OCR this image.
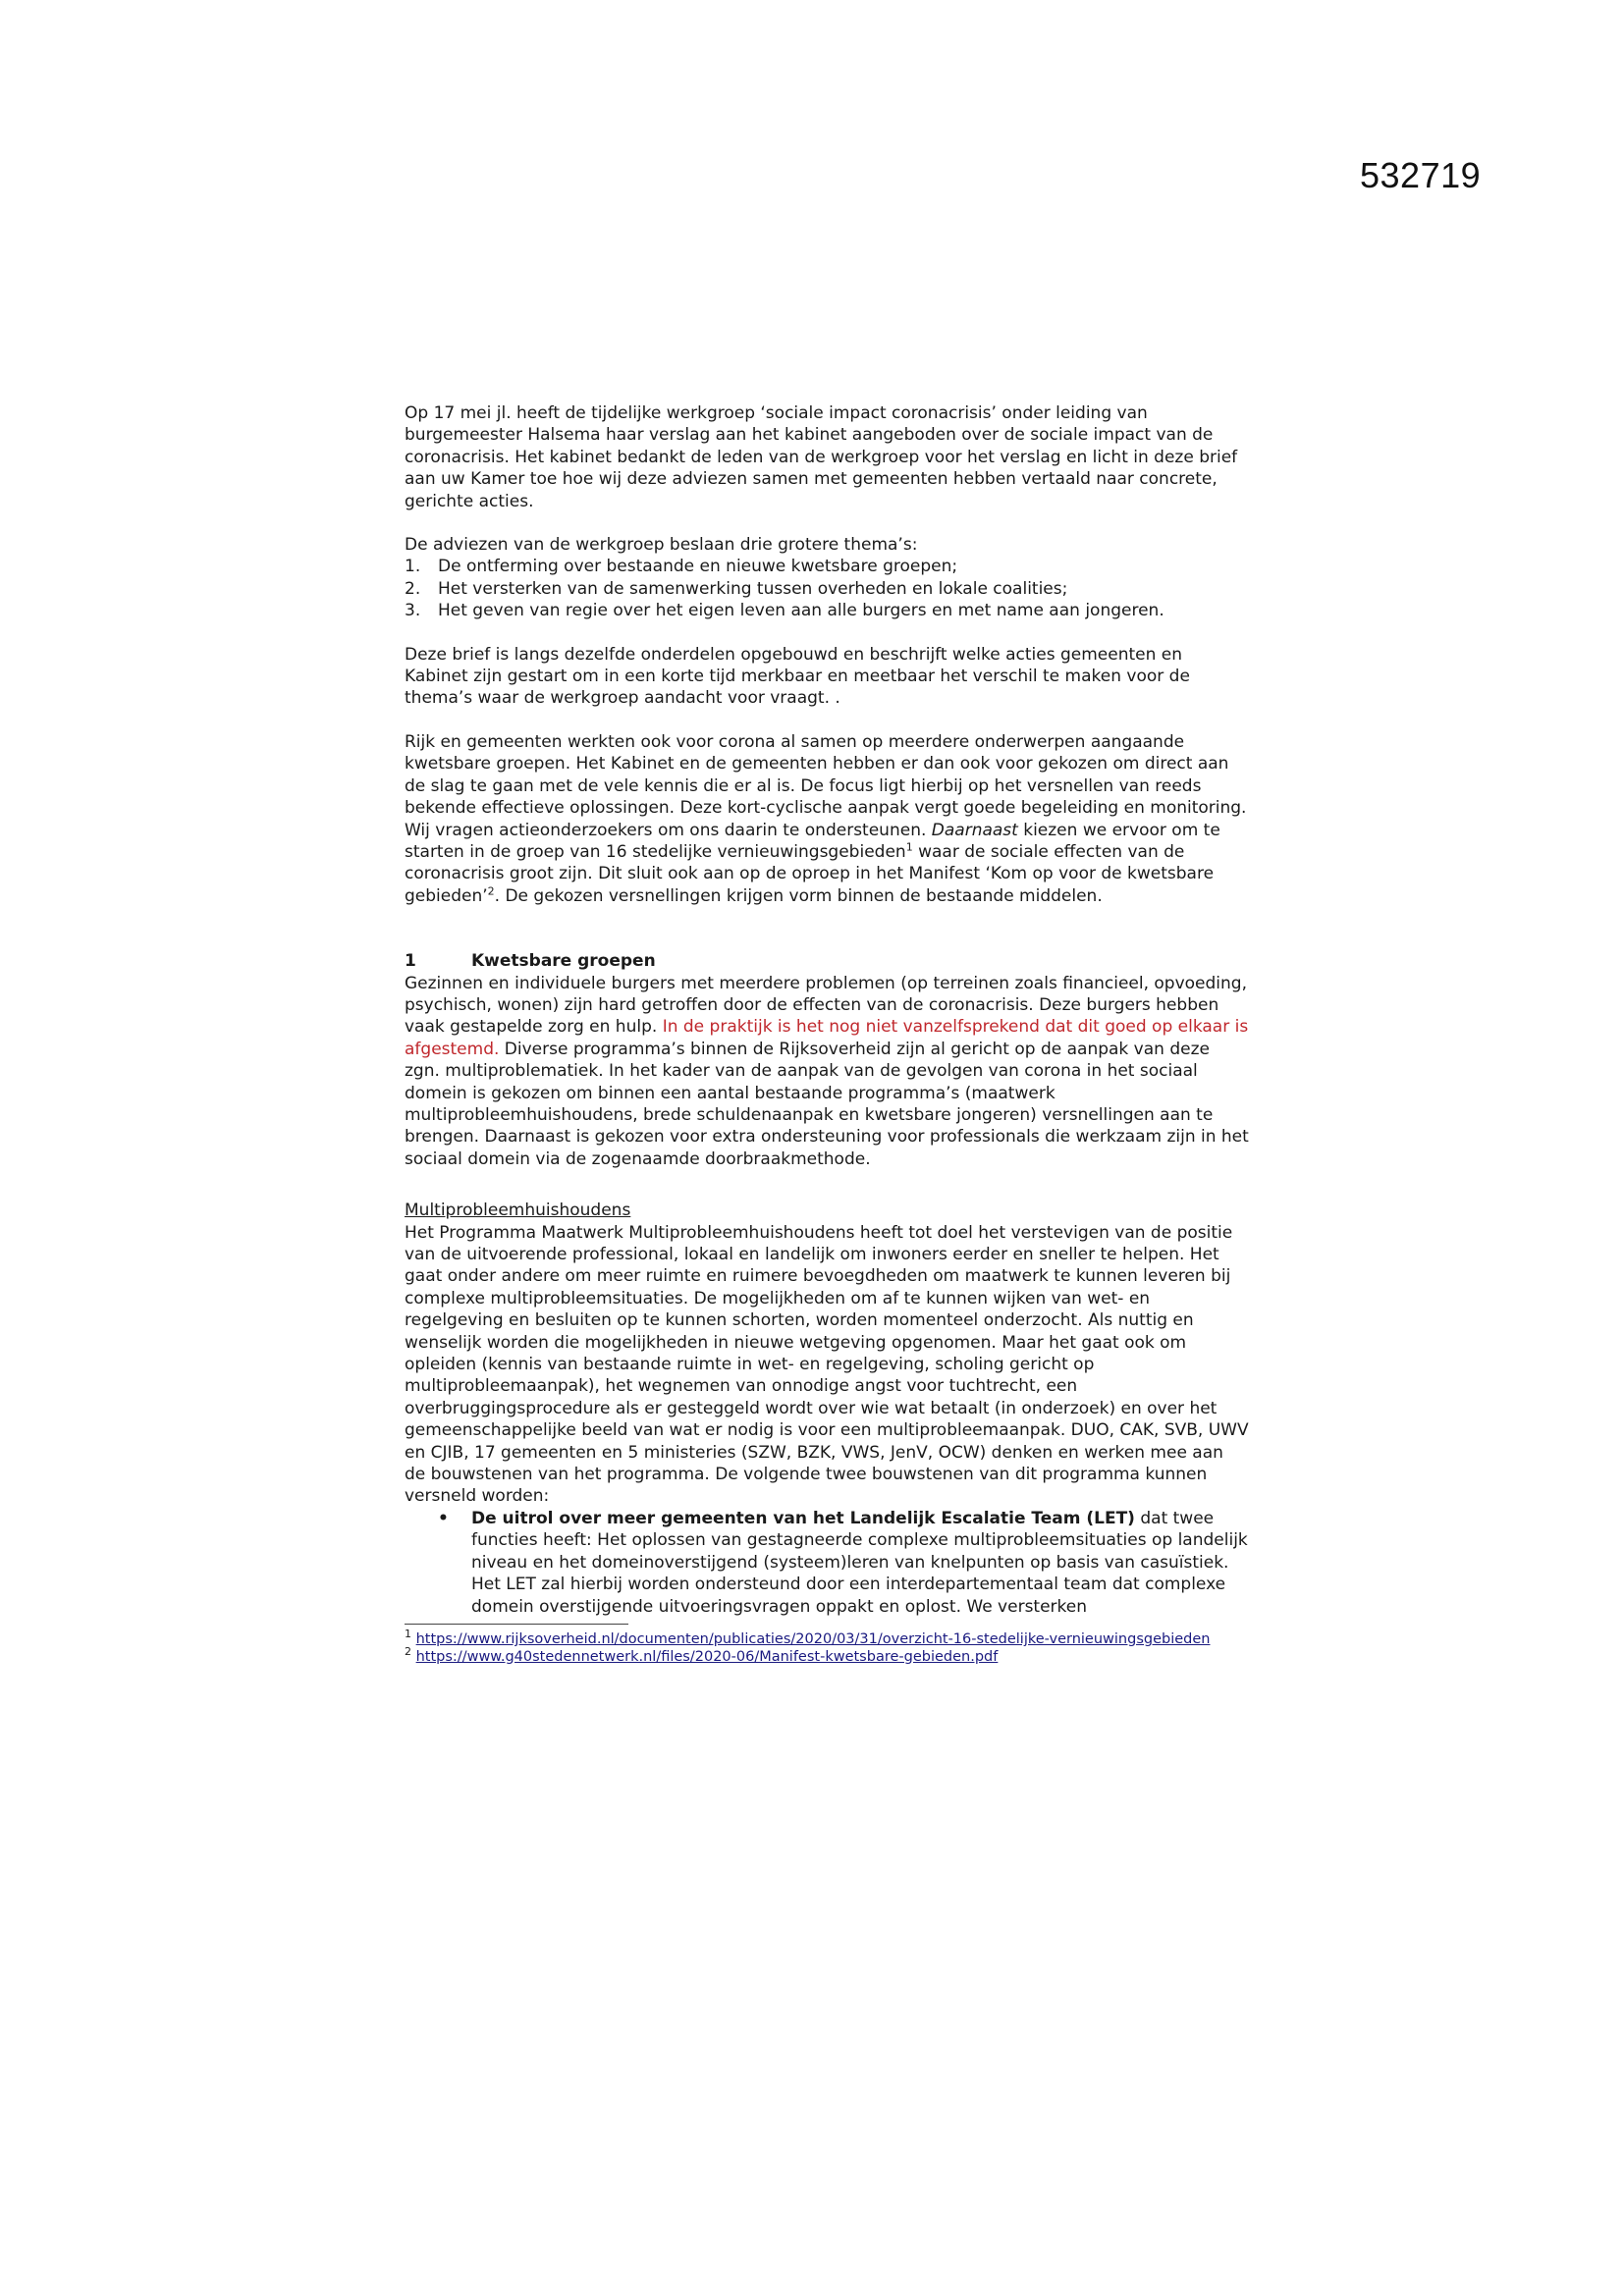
532719

Op 17 mei jl. heeft de tijdelijke werkgroep ‘sociale impact coronacrisis’ onder leiding van burgemeester Halsema haar verslag aan het kabinet aangeboden over de sociale impact van de coronacrisis. Het kabinet bedankt de leden van de werkgroep voor het verslag en licht in deze brief aan uw Kamer toe hoe wij deze adviezen samen met gemeenten hebben vertaald naar concrete, gerichte acties.

De adviezen van de werkgroep beslaan drie grotere thema’s:

1.	De ontferming over bestaande en nieuwe kwetsbare groepen;
2.	Het versterken van de samenwerking tussen overheden en lokale coalities;
3.	Het geven van regie over het eigen leven aan alle burgers en met name aan jongeren.

Deze brief is langs dezelfde onderdelen opgebouwd en beschrijft welke acties gemeenten en Kabinet zijn gestart om in een korte tijd merkbaar en meetbaar het verschil te maken voor de thema’s waar de werkgroep aandacht voor vraagt. .

Rijk en gemeenten werkten ook voor corona al samen op meerdere onderwerpen aangaande kwetsbare groepen. Het Kabinet en de gemeenten hebben er dan ook voor gekozen om direct aan de slag te gaan met de vele kennis die er al is. De focus ligt hierbij op het versnellen van reeds bekende effectieve oplossingen. Deze kort-cyclische aanpak vergt goede begeleiding en monitoring. Wij vragen actieonderzoekers om ons daarin te ondersteunen. Daarnaast kiezen we ervoor om te starten in de groep van 16 stedelijke vernieuwingsgebieden$^1$ waar de sociale effecten van de coronacrisis groot zijn. Dit sluit ook aan op de oproep in het Manifest ‘Kom op voor de kwetsbare gebieden’$^2$. De gekozen versnellingen krijgen vorm binnen de bestaande middelen.

1	Kwetsbare groepen

Gezinnen en individuele burgers met meerdere problemen (op terreinen zoals financieel, opvoeding, psychisch, wonen) zijn hard getroffen door de effecten van de coronacrisis. Deze burgers hebben vaak gestapelde zorg en hulp. In de praktijk is het nog niet vanzelfsprekend dat dit goed op elkaar is afgestemd. Diverse programma’s binnen de Rijksoverheid zijn al gericht op de aanpak van deze zgn. multiproblematiek. In het kader van de aanpak van de gevolgen van corona in het sociaal domein is gekozen om binnen een aantal bestaande programma’s (maatwerk multiprobleemhuishoudens, brede schuldenaanpak en kwetsbare jongeren) versnellingen aan te brengen. Daarnaast is gekozen voor extra ondersteuning voor professionals die werkzaam zijn in het sociaal domein via de zogenaamde doorbraakmethode.

Multiprobleemhuishoudens

Het Programma Maatwerk Multiprobleemhuishoudens heeft tot doel het verstevigen van de positie van de uitvoerende professional, lokaal en landelijk om inwoners eerder en sneller te helpen. Het gaat onder andere om meer ruimte en ruimere bevoegdheden om maatwerk te kunnen leveren bij complexe multiprobleemsituaties. De mogelijkheden om af te kunnen wijken van wet- en regelgeving en besluiten op te kunnen schorten, worden momenteel onderzocht. Als nuttig en wenselijk worden die mogelijkheden in nieuwe wetgeving opgenomen. Maar het gaat ook om opleiden (kennis van bestaande ruimte in wet- en regelgeving, scholing gericht op multiprobleemaanpak), het wegnemen van onnodige angst voor tuchtrecht, een overbruggingsprocedure als er gesteggeld wordt over wie wat betaalt (in onderzoek) en over het gemeenschappelijke beeld van wat er nodig is voor een multiprobleemaanpak. DUO, CAK, SVB, UWV en CJIB, 17 gemeenten en 5 ministeries (SZW, BZK, VWS, JenV, OCW) denken en werken mee aan de bouwstenen van het programma. De volgende twee bouwstenen van dit programma kunnen versneld worden:

•	De uitrol over meer gemeenten van het Landelijk Escalatie Team (LET) dat twee functies heeft: Het oplossen van gestagneerde complexe multiprobleemsituaties op landelijk niveau en het domeinoverstijgend (systeem)leren van knelpunten op basis van casuïstiek. Het LET zal hierbij worden ondersteund door een interdepartementaal team dat complexe domein overstijgende uitvoeringsvragen oppakt en oplost. We versterken
$^1$ https://www.rijksoverheid.nl/documenten/publicaties/2020/03/31/overzicht-16-stedelijke-vernieuwingsgebieden
$^2$ https://www.g40stedennetwerk.nl/files/2020-06/Manifest-kwetsbare-gebieden.pdf
